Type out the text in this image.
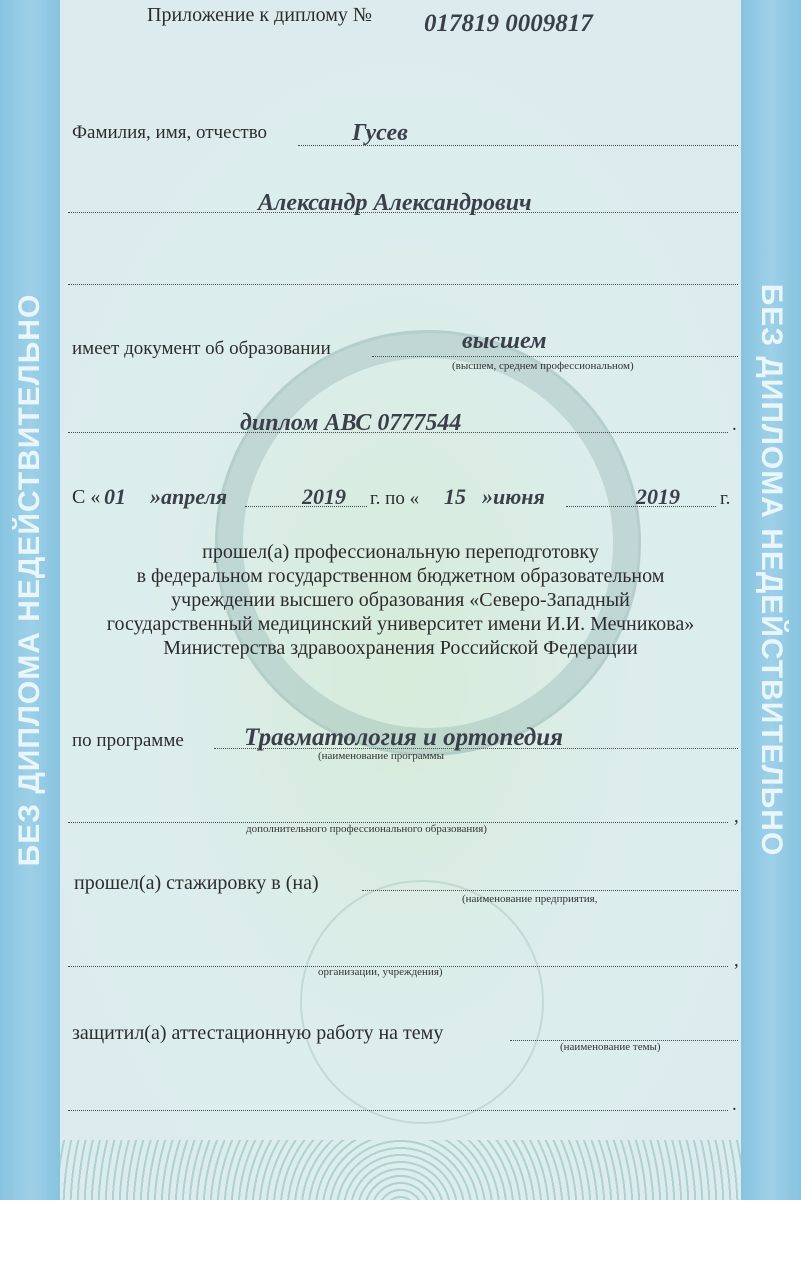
БЕЗ ДИПЛОМА НЕДЕЙСТВИТЕЛЬНО	БЕЗ ДИПЛОМА НЕДЕЙСТВИТЕЛЬНО
Приложение к диплому № 017819 0009817
Фамилия, имя, отчество	Гусев
Александр Александрович
имеет документ об образовании	высшем
(высшем, среднем профессиональном)
диплом АВС 0777544	.
С « 01 »апреля	2019 г. по « 15 »июня	2019 г.
прошел(а) профессиональную переподготовку
в федеральном государственном бюджетном образовательном
учреждении высшего образования «Северо-Западный
государственный медицинский университет имени И.И. Мечникова»
Министерства здравоохранения Российской Федерации
по программе Травматология и ортопедия
(наименование программы
,
дополнительного профессионального образования)
прошел(а) стажировку в (на)
(наименование предприятия,
,
организации, учреждения)
защитил(а) аттестационную работу на тему
(наименование темы)
.
